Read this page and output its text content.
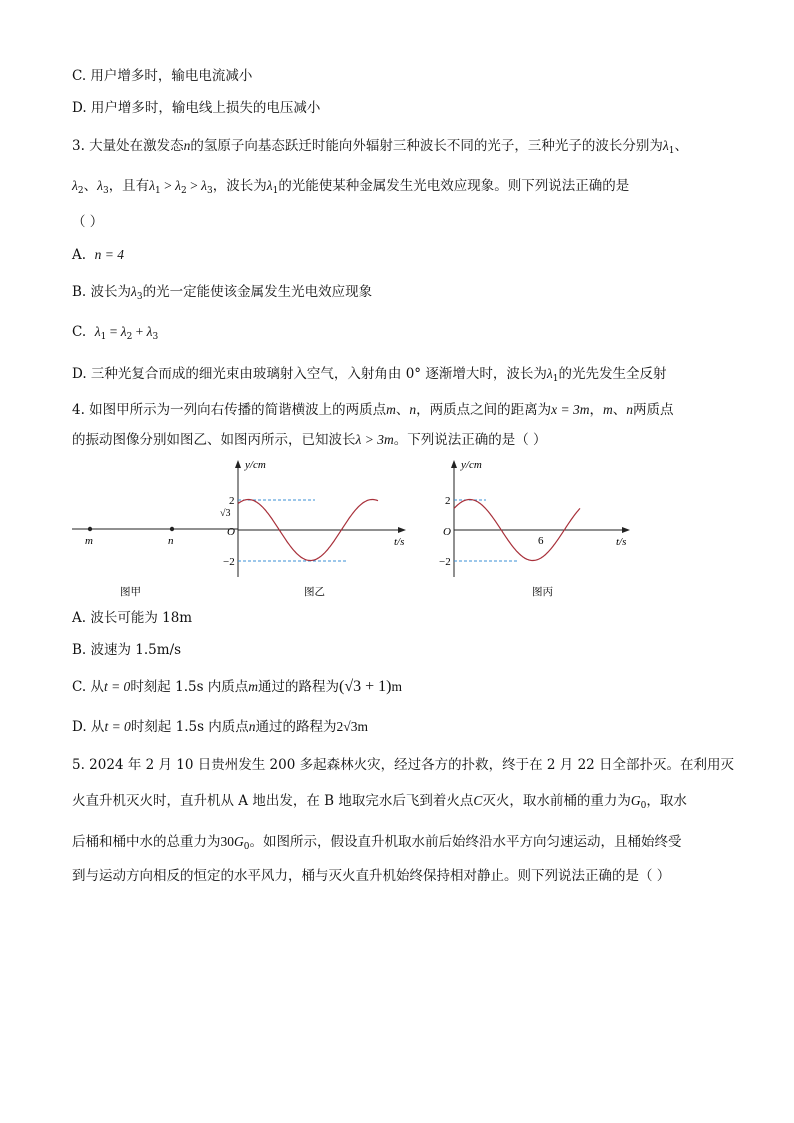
C. 用户增多时，输电电流减小
D. 用户增多时，输电线上损失的电压减小
3. 大量处在激发态n的氢原子向基态跃迁时能向外辐射三种波长不同的光子，三种光子的波长分别为$\lambda_1$、
$\lambda_2$、$\lambda_3$，且有$\lambda_1 > \lambda_2 > \lambda_3$，波长为$\lambda_1$的光能使某种金属发生光电效应现象。则下列说法正确的是
（ ）
A. n = 4
B. 波长为$\lambda_3$的光一定能使该金属发生光电效应现象
C. $\lambda_1 = \lambda_2 + \lambda_3$
D. 三种光复合而成的细光束由玻璃射入空气，入射角由 0° 逐渐增大时，波长为$\lambda_1$的光先发生全反射
4. 如图甲所示为一列向右传播的简谐横波上的两质点m、n，两质点之间的距离为x = 3m，m、n两质点
的振动图像分别如图乙、如图丙所示，已知波长λ > 3m。下列说法正确的是（ ）
m	n
图甲
y/cm
t/s
O
2
√3
−2
图乙
y/cm
t/s
O
2
−2
6
图丙
A. 波长可能为 18m
B. 波速为 1.5m/s
C. 从t = 0时刻起 1.5s 内质点m通过的路程为(√3 + 1)m
D. 从t = 0时刻起 1.5s 内质点n通过的路程为2√3m
5. 2024 年 2 月 10 日贵州发生 200 多起森林火灾，经过各方的扑救，终于在 2 月 22 日全部扑灭。在利用灭
火直升机灭火时，直升机从 A 地出发，在 B 地取完水后飞到着火点C灭火，取水前桶的重力为$G_0$，取水
后桶和桶中水的总重力为$30G_0$。如图所示，假设直升机取水前后始终沿水平方向匀速运动，且桶始终受
到与运动方向相反的恒定的水平风力，桶与灭火直升机始终保持相对静止。则下列说法正确的是（ ）
